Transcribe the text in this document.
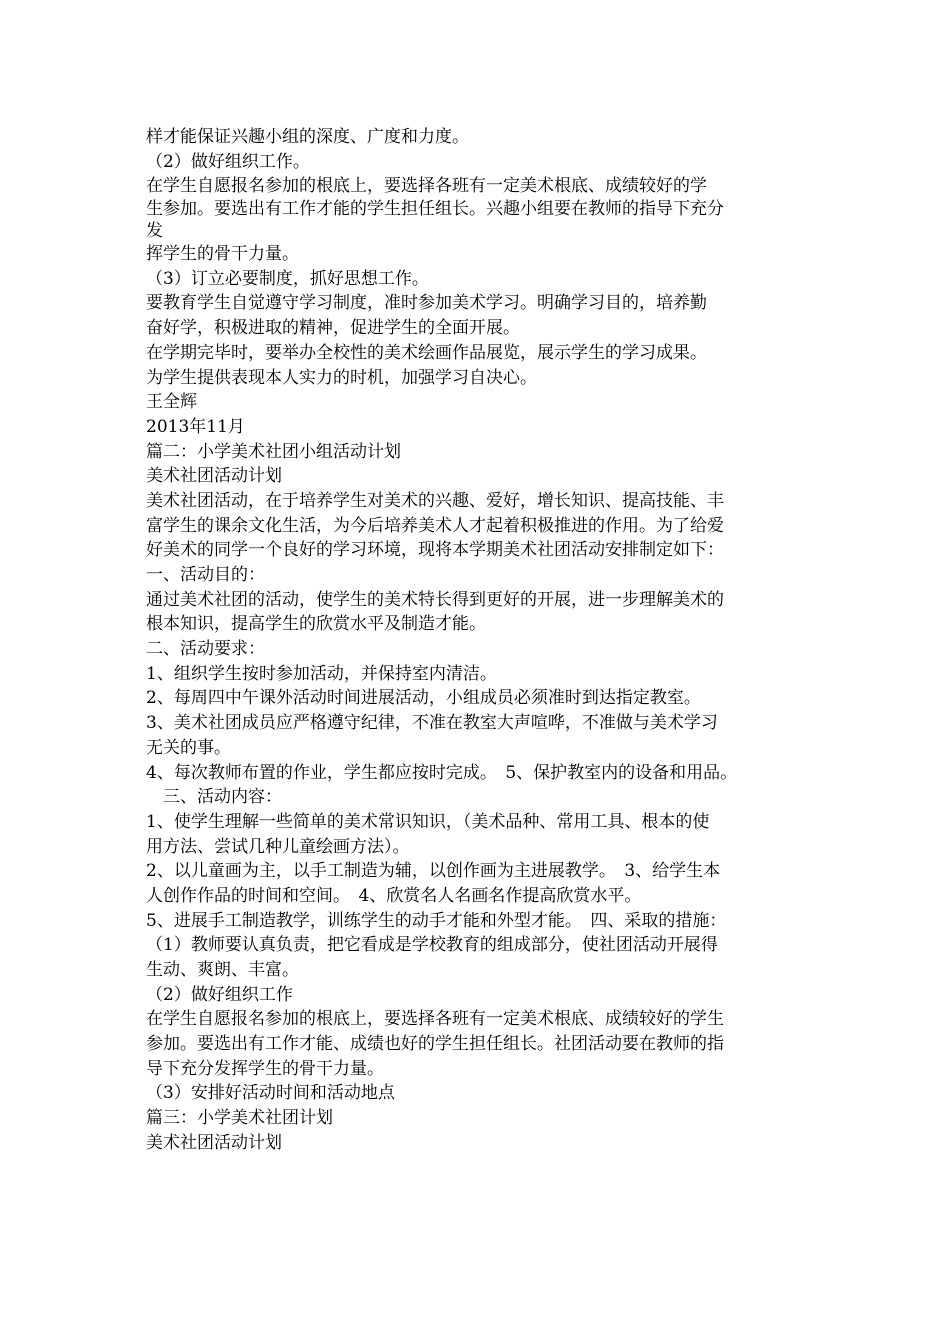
样才能保证兴趣小组的深度、广度和力度。
（2）做好组织工作。
在学生自愿报名参加的根底上，要选择各班有一定美术根底、成绩较好的学
生参加。要选出有工作才能的学生担任组长。兴趣小组要在教师的指导下充分
发
挥学生的骨干力量。
（3）订立必要制度，抓好思想工作。
要教育学生自觉遵守学习制度，准时参加美术学习。明确学习目的，培养勤
奋好学，积极进取的精神，促进学生的全面开展。
在学期完毕时，要举办全校性的美术绘画作品展览，展示学生的学习成果。
为学生提供表现本人实力的时机，加强学习自决心。
王全辉
2013年11月
篇二：小学美术社团小组活动计划
美术社团活动计划
美术社团活动，在于培养学生对美术的兴趣、爱好，增长知识、提高技能、丰
富学生的课余文化生活，为今后培养美术人才起着积极推进的作用。为了给爱
好美术的同学一个良好的学习环境，现将本学期美术社团活动安排制定如下：
一、活动目的：
通过美术社团的活动，使学生的美术特长得到更好的开展，进一步理解美术的
根本知识，提高学生的欣赏水平及制造才能。
二、活动要求：
1、组织学生按时参加活动，并保持室内清洁。
2、每周四中午课外活动时间进展活动，小组成员必须准时到达指定教室。
3、美术社团成员应严格遵守纪律，不准在教室大声喧哗，不准做与美术学习
无关的事。
4、每次教师布置的作业，学生都应按时完成。　5、保护教室内的设备和用品。
　三、活动内容：
1、使学生理解一些简单的美术常识知识，（美术品种、常用工具、根本的使
用方法、尝试几种儿童绘画方法）。
2、以儿童画为主，以手工制造为辅，以创作画为主进展教学。　3、给学生本
人创作作品的时间和空间。　4、欣赏名人名画名作提高欣赏水平。
5、进展手工制造教学，训练学生的动手才能和外型才能。　四、采取的措施：
（1）教师要认真负责，把它看成是学校教育的组成部分，使社团活动开展得
生动、爽朗、丰富。
（2）做好组织工作
在学生自愿报名参加的根底上，要选择各班有一定美术根底、成绩较好的学生
参加。要选出有工作才能、成绩也好的学生担任组长。社团活动要在教师的指
导下充分发挥学生的骨干力量。
（3）安排好活动时间和活动地点
篇三：小学美术社团计划
美术社团活动计划
